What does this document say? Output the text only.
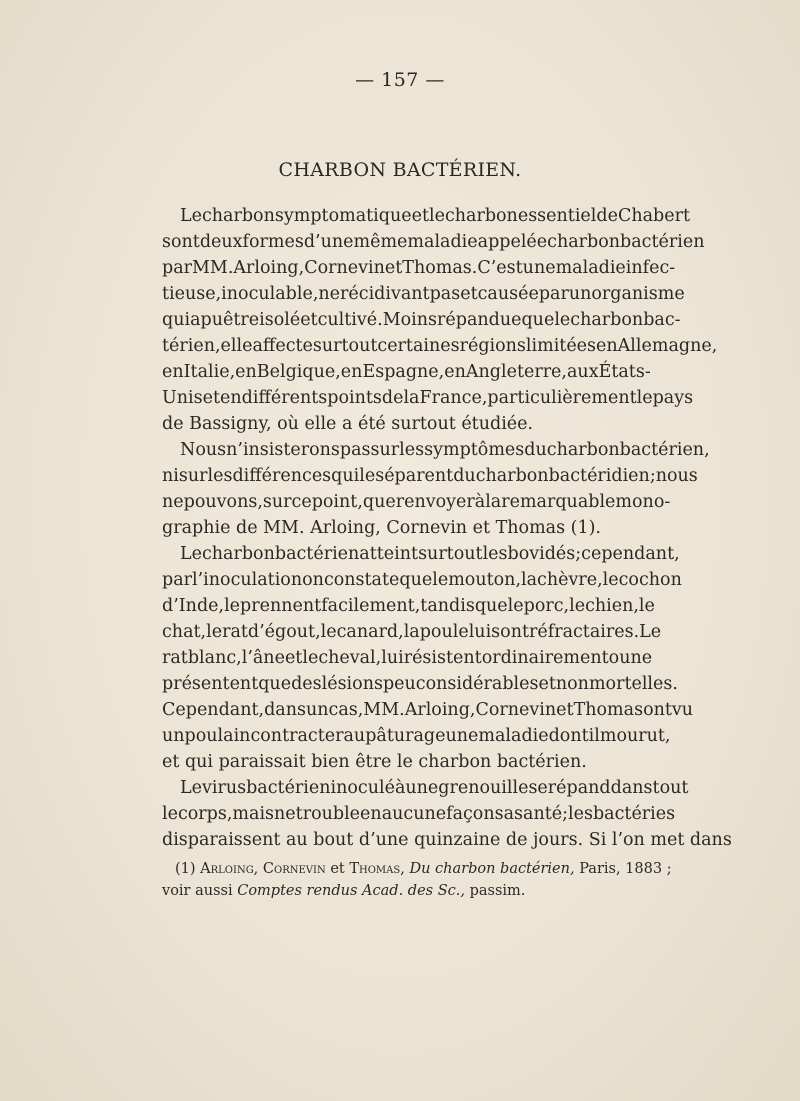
— 157 —
CHARBON BACTÉRIEN.
Le charbon symptomatique et le charbon essentiel de Chabert
sont deux formes d’une même maladie appelée charbon bactérien
par MM. Arloing, Cornevin et Thomas. C’est une maladie infec-
tieuse, inoculable, ne récidivant pas et causée par un organisme
qui a pu être isolé et cultivé. Moins répandue que le charbon bac-
térien, elle affecte surtout certaines régions limitées en Allemagne,
en Italie, en Belgique, en Espagne, en Angleterre, aux États-
Unis et en différents points de la France, particulièrement le pays
de Bassigny, où elle a été surtout étudiée.
Nous n’insisterons pas sur les symptômes du charbon bactérien,
ni sur les différences qui le séparent du charbon bactéridien ; nous
ne pouvons, sur ce point, que renvoyer à la remarquable mono-
graphie de MM. Arloing, Cornevin et Thomas (1).
Le charbon bactérien atteint surtout les bovidés ; cependant,
par l’inoculation on constate que le mouton, la chèvre, le cochon
d’Inde, le prennent facilement, tandis que le porc, le chien, le
chat, le rat d’égout, le canard, la poule lui sont réfractaires. Le
rat blanc, l’âne et le cheval, lui résistent ordinairement ou ne
présentent que des lésions peu considérables et non mortelles.
Cependant, dans un cas, MM. Arloing, Cornevin et Thomas ont vu
un poulain contracter au pâturage une maladie dont il mourut,
et qui paraissait bien être le charbon bactérien.
Le virus bactérien inoculé à une grenouille se répand dans tout
le corps, mais ne trouble en aucune façon sa santé ; les bactéries
disparaissent au bout d’une quinzaine de jours. Si l’on met dans
(1) Arloing, Cornevin et Thomas, Du charbon bactérien, Paris, 1883 ;
voir aussi Comptes rendus Acad. des Sc., passim.
